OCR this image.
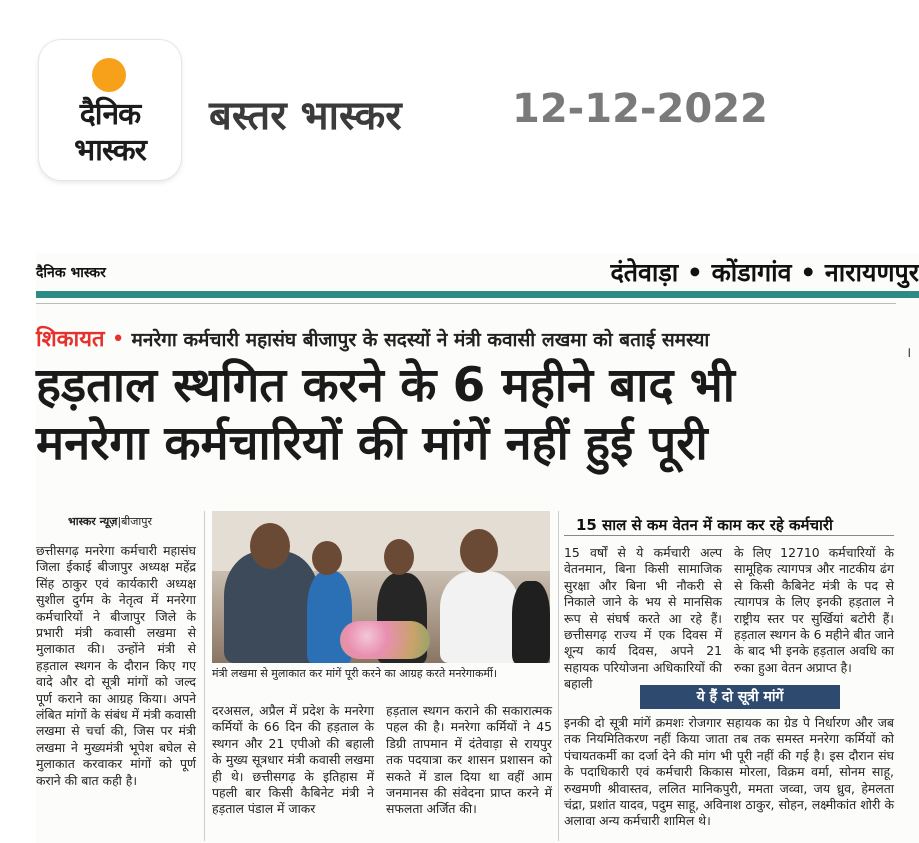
दैनिक
भास्कर
बस्तर भास्कर	12-12-2022
दैनिक भास्कर	दंतेवाड़ा • कोंडागांव • नारायणपुर
शिकायत • मनरेगा कर्मचारी महासंघ बीजापुर के सदस्यों ने मंत्री कवासी लखमा को बताई समस्या
हड़ताल स्थगित करने के 6 महीने बाद भी
मनरेगा कर्मचारियों की मांगें नहीं हुई पूरी
।
भास्कर न्यूज़|बीजापुर
छत्तीसगढ़ मनरेगा कर्मचारी महासंघ जिला ईकाई बीजापुर अध्यक्ष महेंद्र सिंह ठाकुर एवं कार्यकारी अध्यक्ष सुशील दुर्गम के नेतृत्व में मनरेगा कर्मचारियों ने बीजापुर जिले के प्रभारी मंत्री कवासी लखमा से मुलाकात की। उन्होंने मंत्री से हड़ताल स्थगन के दौरान किए गए वादे और दो सूत्री मांगों को जल्द पूर्ण कराने का आग्रह किया। अपने लंबित मांगों के संबंध में मंत्री कवासी लखमा से चर्चा की, जिस पर मंत्री लखमा ने मुख्यमंत्री भूपेश बघेल से मुलाकात करवाकर मांगों को पूर्ण कराने की बात कही है।
मंत्री लखमा से मुलाकात कर मांगें पूरी करने का आग्रह करते मनरेगाकर्मी।
दरअसल, अप्रैल में प्रदेश के मनरेगा कर्मियों के 66 दिन की हड़ताल के स्थगन और 21 एपीओ की बहाली के मुख्य सूत्रधार मंत्री कवासी लखमा ही थे। छत्तीसगढ़ के इतिहास में पहली बार किसी कैबिनेट मंत्री ने हड़ताल पंडाल में जाकर
हड़ताल स्थगन कराने की सकारात्मक पहल की है। मनरेगा कर्मियों ने 45 डिग्री तापमान में दंतेवाड़ा से रायपुर तक पदयात्रा कर शासन प्रशासन को सकते में डाल दिया था वहीं आम जनमानस की संवेदना प्राप्त करने में सफलता अर्जित की।
15 साल से कम वेतन में काम कर रहे कर्मचारी
15 वर्षों से ये कर्मचारी अल्प वेतनमान, बिना किसी सामाजिक सुरक्षा और बिना भी नौकरी से निकाले जाने के भय से मानसिक रूप से संघर्ष करते आ रहे हैं। छत्तीसगढ़ राज्य में एक दिवस में शून्य कार्य दिवस, अपने 21 सहायक परियोजना अधिकारियों की बहाली
के लिए 12710 कर्मचारियों के सामूहिक त्यागपत्र और नाटकीय ढंग से किसी कैबिनेट मंत्री के पद से त्यागपत्र के लिए इनकी हड़ताल ने राष्ट्रीय स्तर पर सुर्खियां बटोरी हैं। हड़ताल स्थगन के 6 महीने बीत जाने के बाद भी इनके हड़ताल अवधि का रुका हुआ वेतन अप्राप्त है।
ये हैं दो सूत्री मांगें
इनकी दो सूत्री मांगें क्रमशः रोजगार सहायक का ग्रेड पे निर्धारण और जब तक नियमितिकरण नहीं किया जाता तब तक समस्त मनरेगा कर्मियों को पंचायतकर्मी का दर्जा देने की मांग भी पूरी नहीं की गई है। इस दौरान संघ के पदाधिकारी एवं कर्मचारी किकास मोरला, विक्रम वर्मा, सोनम साहू, रुखमणी श्रीवास्तव, ललित मानिकपुरी, ममता जव्वा, जय ध्रुव, हेमलता चंद्रा, प्रशांत यादव, पदुम साहू, अविनाश ठाकुर, सोहन, लक्ष्मीकांत शोरी के अलावा अन्य कर्मचारी शामिल थे।
